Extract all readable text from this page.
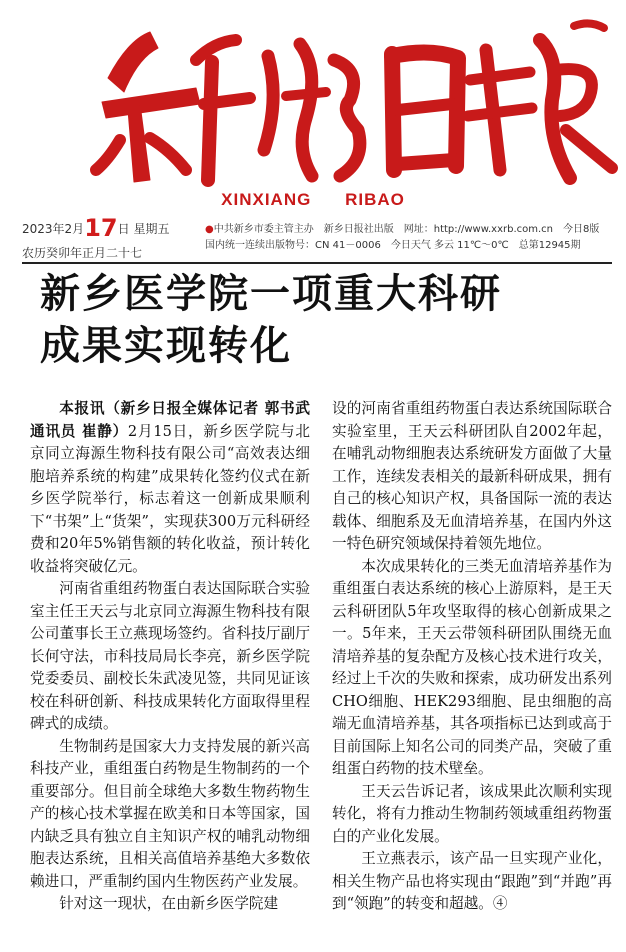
XINXIANG RIBAO
2023年2月17日 星期五
农历癸卯年正月二十七
●中共新乡市委主管主办　新乡日报社出版　网址：http://www.xxrb.com.cn　今日8版
国内统一连续出版物号：CN 41－0006　今日天气 多云 11℃～0℃　总第12945期
新乡医学院一项重大科研
成果实现转化

本报讯（新乡日报全媒体记者 郭书武 通讯员 崔静）2月15日，新乡医学院与北京同立海源生物科技有限公司“高效表达细胞培养系统的构建”成果转化签约仪式在新乡医学院举行，标志着这一创新成果顺利下“书架”上“货架”，实现获300万元科研经费和20年5%销售额的转化收益，预计转化收益将突破亿元。

河南省重组药物蛋白表达国际联合实验室主任王天云与北京同立海源生物科技有限公司董事长王立燕现场签约。省科技厅副厅长何守法，市科技局局长李亮，新乡医学院党委委员、副校长朱武凌见签，共同见证该校在科研创新、科技成果转化方面取得里程碑式的成绩。

生物制药是国家大力支持发展的新兴高科技产业，重组蛋白药物是生物制药的一个重要部分。但目前全球绝大多数生物药物生产的核心技术掌握在欧美和日本等国家，国内缺乏具有独立自主知识产权的哺乳动物细胞表达系统，且相关高值培养基绝大多数依赖进口，严重制约国内生物医药产业发展。

针对这一现状，在由新乡医学院建

设的河南省重组药物蛋白表达系统国际联合实验室里，王天云科研团队自2002年起，在哺乳动物细胞表达系统研发方面做了大量工作，连续发表相关的最新科研成果，拥有自己的核心知识产权，具备国际一流的表达载体、细胞系及无血清培养基，在国内外这一特色研究领域保持着领先地位。

本次成果转化的三类无血清培养基作为重组蛋白表达系统的核心上游原料，是王天云科研团队5年攻坚取得的核心创新成果之一。5年来，王天云带领科研团队围绕无血清培养基的复杂配方及核心技术进行攻关，经过上千次的失败和探索，成功研发出系列CHO细胞、HEK293细胞、昆虫细胞的高端无血清培养基，其各项指标已达到或高于目前国际上知名公司的同类产品，突破了重组蛋白药物的技术壁垒。

王天云告诉记者，该成果此次顺利实现转化，将有力推动生物制药领域重组药物蛋白的产业化发展。

王立燕表示，该产品一旦实现产业化，相关生物产品也将实现由“跟跑”到“并跑”再到“领跑”的转变和超越。④
